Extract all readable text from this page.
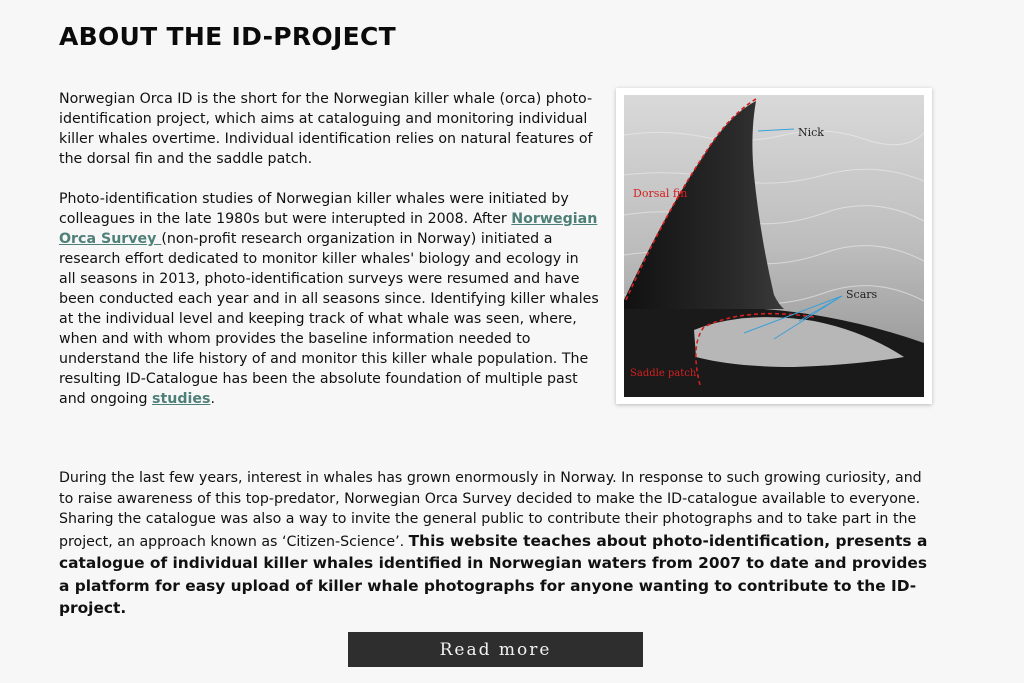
ABOUT THE ID-PROJECT

Norwegian Orca ID is the short for the Norwegian killer whale (orca) photo-identification project, which aims at cataloguing and monitoring individual killer whales overtime. Individual identification relies on natural features of the dorsal fin and the saddle patch.

Photo-identification studies of Norwegian killer whales were initiated by colleagues in the late 1980s but were interupted in 2008. After Norwegian Orca Survey (non-profit research organization in Norway) initiated a research effort dedicated to monitor killer whales' biology and ecology in all seasons in 2013, photo-identification surveys were resumed and have been conducted each year and in all seasons since. Identifying killer whales at the individual level and keeping track of what whale was seen, where, when and with whom provides the baseline information needed to understand the life history of and monitor this killer whale population. The resulting ID-Catalogue has been the absolute foundation of multiple past and ongoing studies.

Nick
Dorsal fin
Scars
Saddle patch

During the last few years, interest in whales has grown enormously in Norway. In response to such growing curiosity, and to raise awareness of this top-predator, Norwegian Orca Survey decided to make the ID-catalogue available to everyone. Sharing the catalogue was also a way to invite the general public to contribute their photographs and to take part in the project, an approach known as ‘Citizen-Science’. This website teaches about photo-identification, presents a catalogue of individual killer whales identified in Norwegian waters from 2007 to date and provides a platform for easy upload of killer whale photographs for anyone wanting to contribute to the ID-project.

Read more
